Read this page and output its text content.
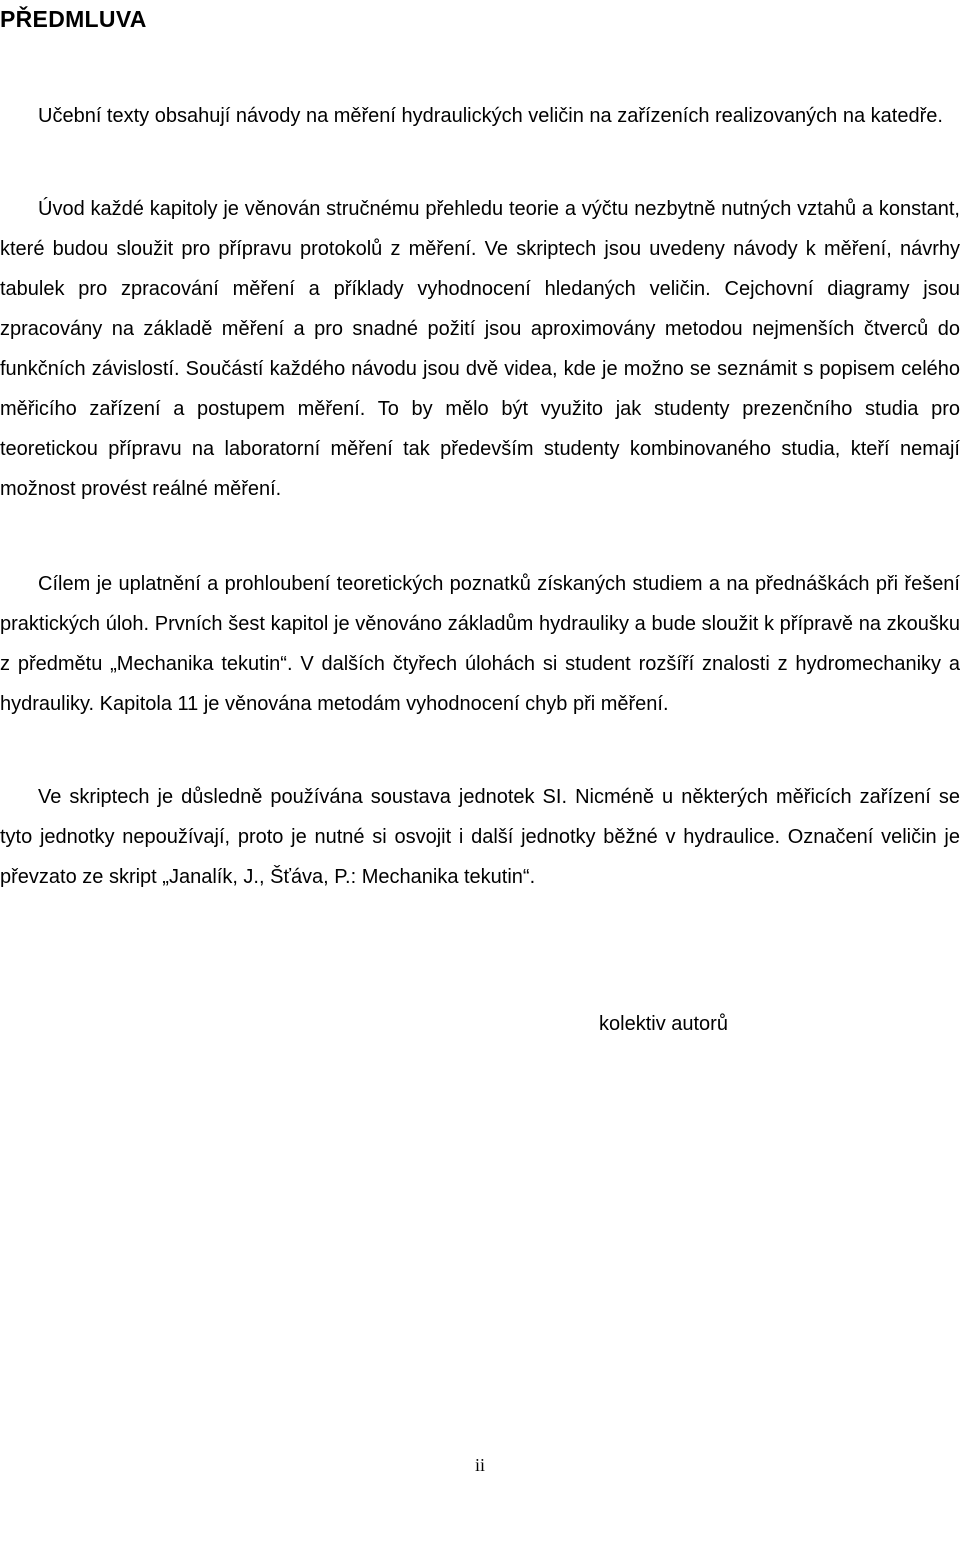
PŘEDMLUVA

Učební texty obsahují návody na měření hydraulických veličin na zařízeních realizovaných na katedře.

Úvod každé kapitoly je věnován stručnému přehledu teorie a výčtu nezbytně nutných vztahů a konstant, které budou sloužit pro přípravu protokolů z měření. Ve skriptech jsou uvedeny návody k měření, návrhy tabulek pro zpracování měření a příklady vyhodnocení hledaných veličin. Cejchovní diagramy jsou zpracovány na základě měření a pro snadné požití jsou aproximovány metodou nejmenších čtverců do funkčních závislostí. Součástí každého návodu jsou dvě videa, kde je možno se seznámit s popisem celého měřicího zařízení a postupem měření. To by mělo být využito jak studenty prezenčního studia pro teoretickou přípravu na laboratorní měření tak především studenty kombinovaného studia, kteří nemají možnost provést reálné měření.

Cílem je uplatnění a prohloubení teoretických poznatků získaných studiem a na přednáškách při řešení praktických úloh. Prvních šest kapitol je věnováno základům hydrauliky a bude sloužit k přípravě na zkoušku z předmětu „Mechanika tekutin“. V dalších čtyřech úlohách si student rozšíří znalosti z hydromechaniky a hydrauliky. Kapitola 11 je věnována metodám vyhodnocení chyb při měření.

Ve skriptech je důsledně používána soustava jednotek SI. Nicméně u některých měřicích zařízení se tyto jednotky nepoužívají, proto je nutné si osvojit i další jednotky běžné v hydraulice. Označení veličin je převzato ze skript „Janalík, J., Šťáva, P.: Mechanika tekutin“.

kolektiv autorů

ii
